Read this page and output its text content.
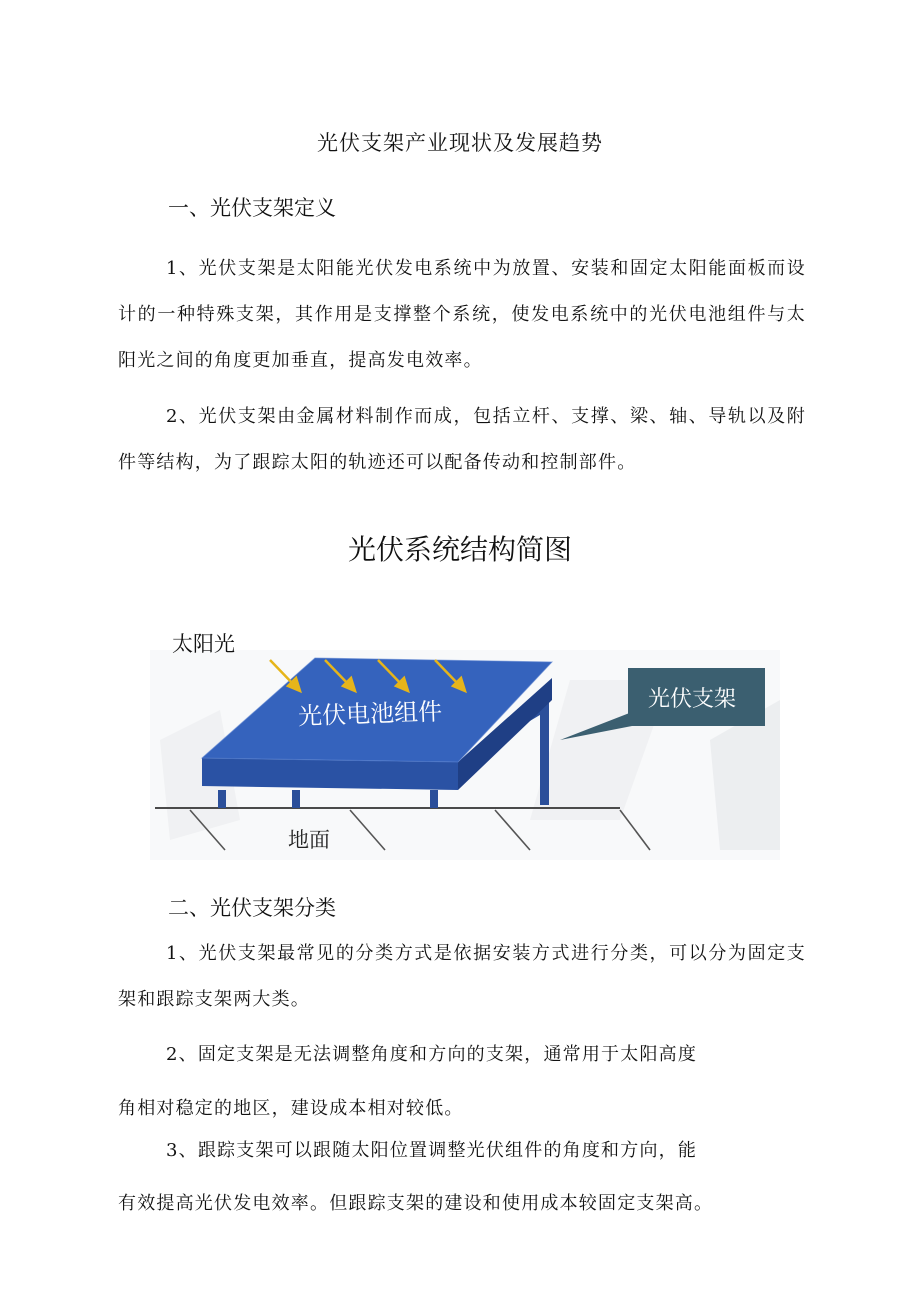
光伏支架产业现状及发展趋势
一、光伏支架定义

1、光伏支架是太阳能光伏发电系统中为放置、安装和固定太阳能面板而设计的一种特殊支架，其作用是支撑整个系统，使发电系统中的光伏电池组件与太阳光之间的角度更加垂直，提高发电效率。

2、光伏支架由金属材料制作而成，包括立杆、支撑、梁、轴、导轨以及附件等结构，为了跟踪太阳的轨迹还可以配备传动和控制部件。

光伏系统结构简图
太阳光
光伏电池组件	光伏支架
地面
二、光伏支架分类

1、光伏支架最常见的分类方式是依据安装方式进行分类，可以分为固定支架和跟踪支架两大类。

2、固定支架是无法调整角度和方向的支架，通常用于太阳高度

角相对稳定的地区，建设成本相对较低。

3、跟踪支架可以跟随太阳位置调整光伏组件的角度和方向，能

有效提高光伏发电效率。但跟踪支架的建设和使用成本较固定支架高。
